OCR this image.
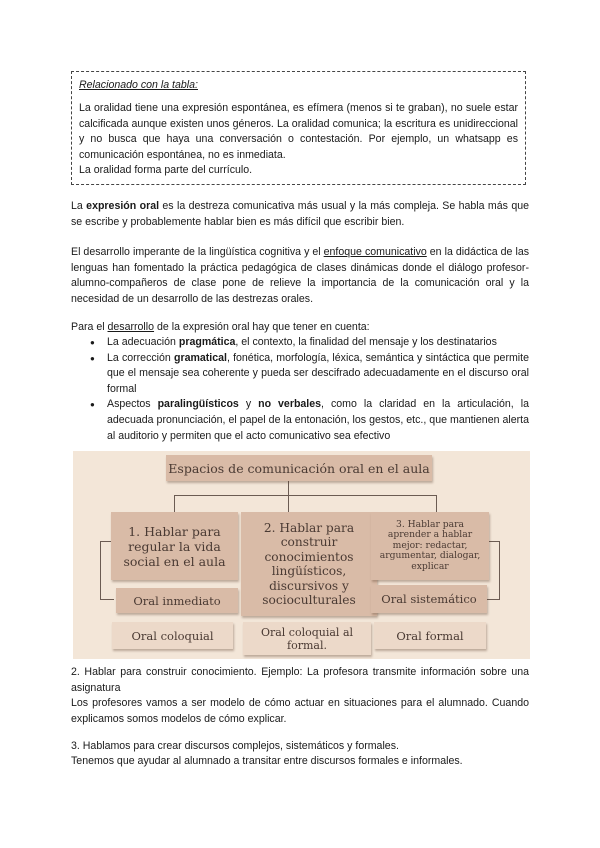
Relacionado con la tabla:
La oralidad tiene una expresión espontánea, es efímera (menos si te graban), no suele estar calcificada aunque existen unos géneros. La oralidad comunica; la escritura es unidireccional y no busca que haya una conversación o contestación. Por ejemplo, un whatsapp es comunicación espontánea, no es inmediata.
La oralidad forma parte del currículo.
La expresión oral es la destreza comunicativa más usual y la más compleja. Se habla más que se escribe y probablemente hablar bien es más difícil que escribir bien.
El desarrollo imperante de la lingüística cognitiva y el enfoque comunicativo en la didáctica de las lenguas han fomentado la práctica pedagógica de clases dinámicas donde el diálogo profesor-alumno-compañeros de clase pone de relieve la importancia de la comunicación oral y la necesidad de un desarrollo de las destrezas orales.
Para el desarrollo de la expresión oral hay que tener en cuenta:
● La adecuación pragmática, el contexto, la finalidad del mensaje y los destinatarios
● La corrección gramatical, fonética, morfología, léxica, semántica y sintáctica que permite que el mensaje sea coherente y pueda ser descifrado adecuadamente en el discurso oral formal
● Aspectos paralingüísticos y no verbales, como la claridad en la articulación, la adecuada pronunciación, el papel de la entonación, los gestos, etc., que mantienen alerta al auditorio y permiten que el acto comunicativo sea efectivo
Espacios de comunicación oral en el aula
1. Hablar para regular la vida social en el aula
2. Hablar para construir conocimientos lingüísticos, discursivos y socioculturales
3. Hablar para aprender a hablar mejor: redactar, argumentar, dialogar, explicar
Oral inmediato	Oral sistemático
Oral coloquial	Oral coloquial al formal.
Oral formal
2. Hablar para construir conocimiento. Ejemplo: La profesora transmite información sobre una asignatura
Los profesores vamos a ser modelo de cómo actuar en situaciones para el alumnado. Cuando explicamos somos modelos de cómo explicar.
3. Hablamos para crear discursos complejos, sistemáticos y formales.
Tenemos que ayudar al alumnado a transitar entre discursos formales e informales.
